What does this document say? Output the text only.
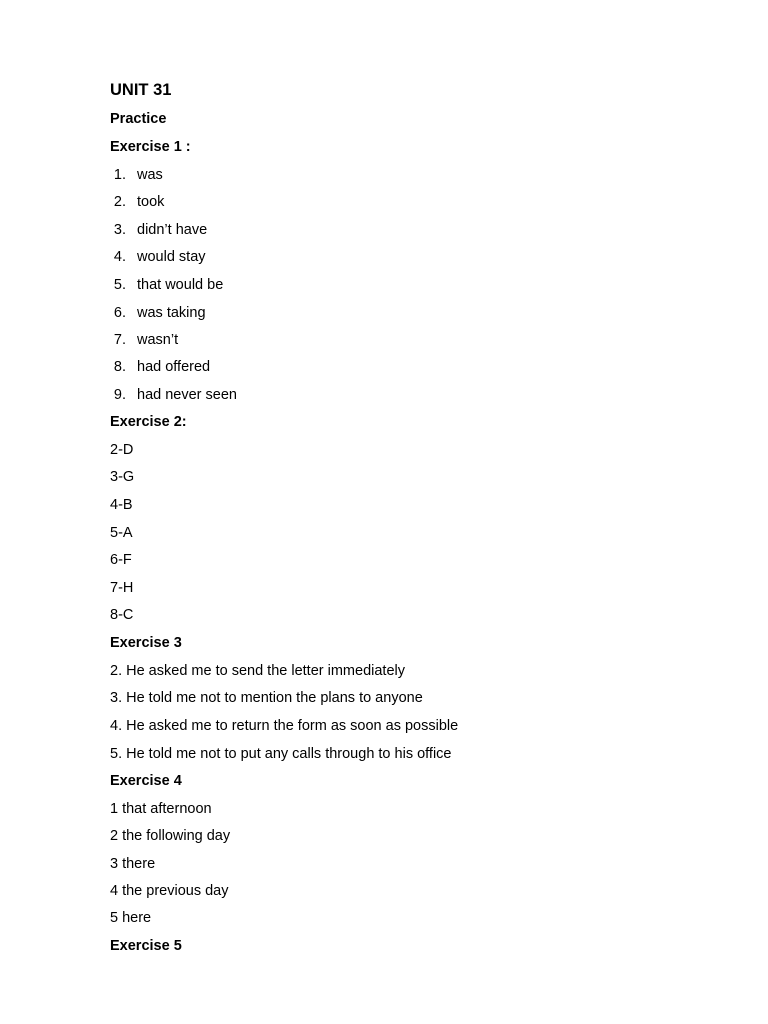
UNIT 31
Practice
Exercise 1 :
1. was
2. took
3. didn’t have
4. would stay
5. that would be
6. was taking
7. wasn’t
8. had offered
9. had never seen
Exercise 2:
2-D
3-G
4-B
5-A
6-F
7-H
8-C
Exercise 3
2. He asked me to send the letter immediately
3. He told me not to mention the plans to anyone
4. He asked me to return the form as soon as possible
5. He told me not to put any calls through to his office
Exercise 4
1 that afternoon
2 the following day
3 there
4 the previous day
5 here
Exercise 5
